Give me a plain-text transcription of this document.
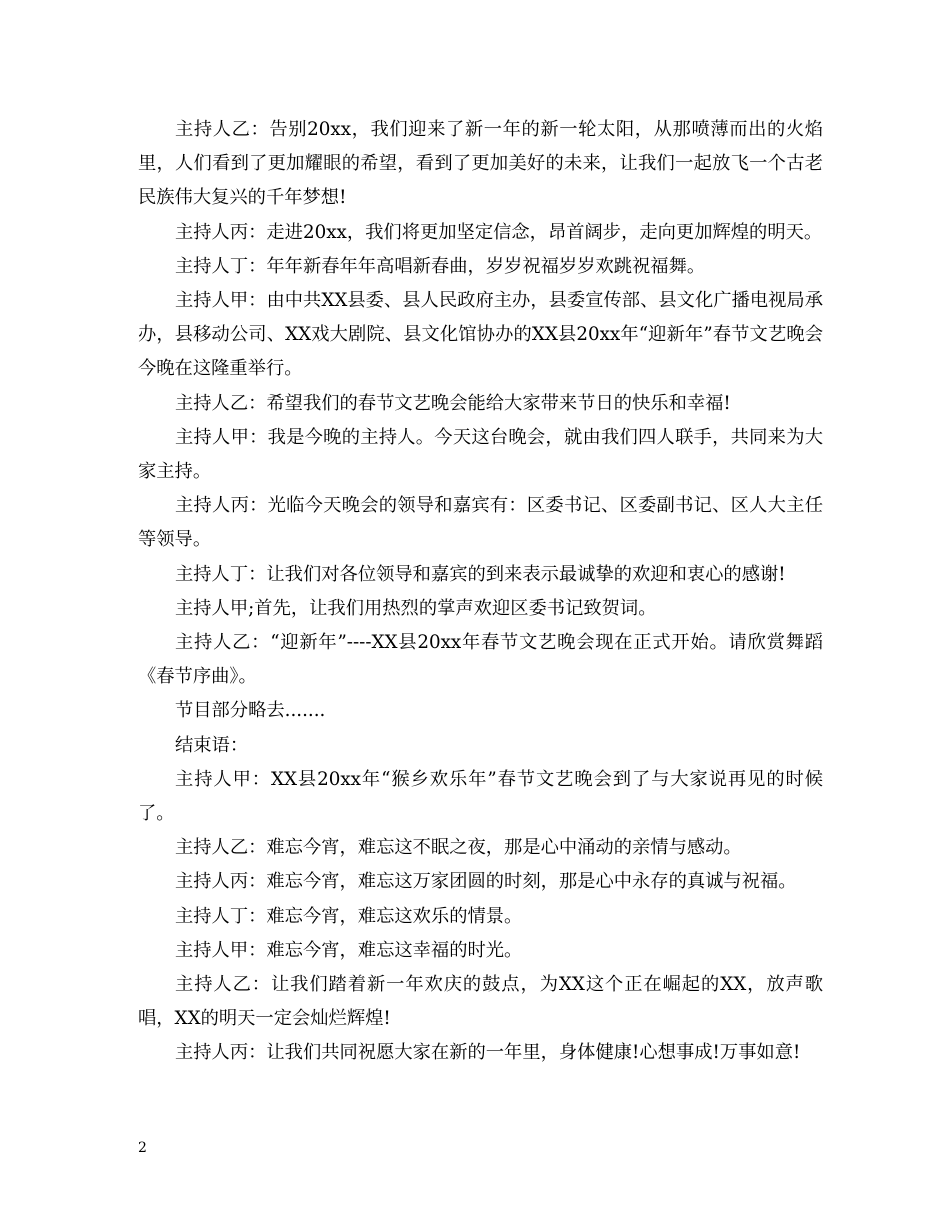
主持人乙：告别20xx，我们迎来了新一年的新一轮太阳，从那喷薄而出的火焰里，人们看到了更加耀眼的希望，看到了更加美好的未来，让我们一起放飞一个古老民族伟大复兴的千年梦想!

主持人丙：走进20xx，我们将更加坚定信念，昂首阔步，走向更加辉煌的明天。

主持人丁：年年新春年年高唱新春曲，岁岁祝福岁岁欢跳祝福舞。

主持人甲：由中共XX县委、县人民政府主办，县委宣传部、县文化广播电视局承办，县移动公司、XX戏大剧院、县文化馆协办的XX县20xx年“迎新年”春节文艺晚会今晚在这隆重举行。

主持人乙：希望我们的春节文艺晚会能给大家带来节日的快乐和幸福!

主持人甲：我是今晚的主持人。今天这台晚会，就由我们四人联手，共同来为大家主持。

主持人丙：光临今天晚会的领导和嘉宾有：区委书记、区委副书记、区人大主任等领导。

主持人丁：让我们对各位领导和嘉宾的到来表示最诚挚的欢迎和衷心的感谢!

主持人甲;首先，让我们用热烈的掌声欢迎区委书记致贺词。

主持人乙：“迎新年”----XX县20xx年春节文艺晚会现在正式开始。请欣赏舞蹈《春节序曲》。

节目部分略去.......

结束语：

主持人甲：XX县20xx年“猴乡欢乐年”春节文艺晚会到了与大家说再见的时候了。

主持人乙：难忘今宵，难忘这不眠之夜，那是心中涌动的亲情与感动。

主持人丙：难忘今宵，难忘这万家团圆的时刻，那是心中永存的真诚与祝福。

主持人丁：难忘今宵，难忘这欢乐的情景。

主持人甲：难忘今宵，难忘这幸福的时光。

主持人乙：让我们踏着新一年欢庆的鼓点，为XX这个正在崛起的XX，放声歌唱，XX的明天一定会灿烂辉煌!

主持人丙：让我们共同祝愿大家在新的一年里，身体健康!心想事成!万事如意!

2
